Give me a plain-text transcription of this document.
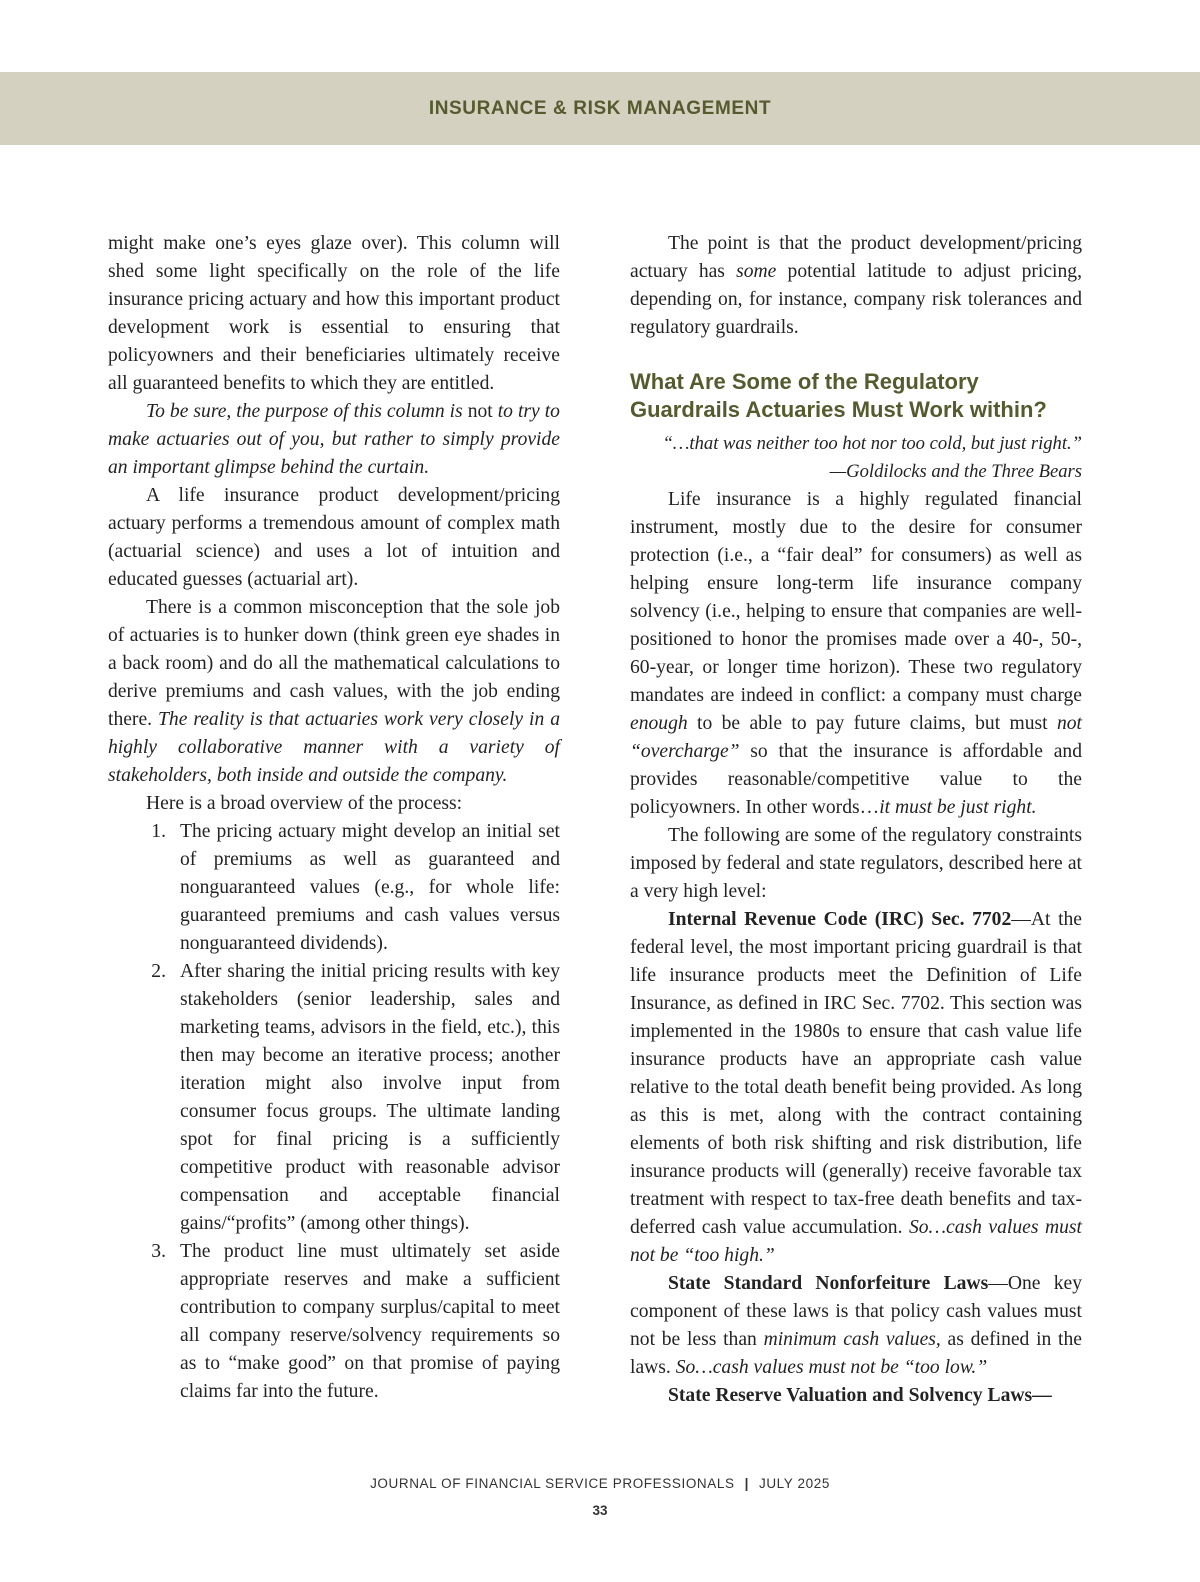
INSURANCE & RISK MANAGEMENT

might make one’s eyes glaze over). This column will shed some light specifically on the role of the life insurance pricing actuary and how this important product development work is essential to ensuring that policyowners and their beneficiaries ultimately receive all guaranteed benefits to which they are entitled.

To be sure, the purpose of this column is not to try to make actuaries out of you, but rather to simply provide an important glimpse behind the curtain.

A life insurance product development/pricing actuary performs a tremendous amount of complex math (actuarial science) and uses a lot of intuition and educated guesses (actuarial art).

There is a common misconception that the sole job of actuaries is to hunker down (think green eye shades in a back room) and do all the mathematical calculations to derive premiums and cash values, with the job ending there. The reality is that actuaries work very closely in a highly collaborative manner with a variety of stakeholders, both inside and outside the company.

Here is a broad overview of the process:

1. The pricing actuary might develop an initial set of premiums as well as guaranteed and nonguaranteed values (e.g., for whole life: guaranteed premiums and cash values versus nonguaranteed dividends).
2. After sharing the initial pricing results with key stakeholders (senior leadership, sales and marketing teams, advisors in the field, etc.), this then may become an iterative process; another iteration might also involve input from consumer focus groups. The ultimate landing spot for final pricing is a sufficiently competitive product with reasonable advisor compensation and acceptable financial gains/“profits” (among other things).
3. The product line must ultimately set aside appropriate reserves and make a sufficient contribution to company surplus/capital to meet all company reserve/solvency requirements so as to “make good” on that promise of paying claims far into the future.

The point is that the product development/pricing actuary has some potential latitude to adjust pricing, depending on, for instance, company risk tolerances and regulatory guardrails.

What Are Some of the Regulatory Guardrails Actuaries Must Work within?
“…that was neither too hot nor too cold, but just right.”
—Goldilocks and the Three Bears

Life insurance is a highly regulated financial instrument, mostly due to the desire for consumer protection (i.e., a “fair deal” for consumers) as well as helping ensure long-term life insurance company solvency (i.e., helping to ensure that companies are well-positioned to honor the promises made over a 40-, 50-, 60-year, or longer time horizon). These two regulatory mandates are indeed in conflict: a company must charge enough to be able to pay future claims, but must not “overcharge” so that the insurance is affordable and provides reasonable/competitive value to the policyowners. In other words…it must be just right.

The following are some of the regulatory constraints imposed by federal and state regulators, described here at a very high level:

Internal Revenue Code (IRC) Sec. 7702—At the federal level, the most important pricing guardrail is that life insurance products meet the Definition of Life Insurance, as defined in IRC Sec. 7702. This section was implemented in the 1980s to ensure that cash value life insurance products have an appropriate cash value relative to the total death benefit being provided. As long as this is met, along with the contract containing elements of both risk shifting and risk distribution, life insurance products will (generally) receive favorable tax treatment with respect to tax-free death benefits and tax-deferred cash value accumulation. So…cash values must not be “too high.”

State Standard Nonforfeiture Laws—One key component of these laws is that policy cash values must not be less than minimum cash values, as defined in the laws. So…cash values must not be “too low.”

State Reserve Valuation and Solvency Laws—

JOURNAL OF FINANCIAL SERVICE PROFESSIONALS | JULY 2025
33
